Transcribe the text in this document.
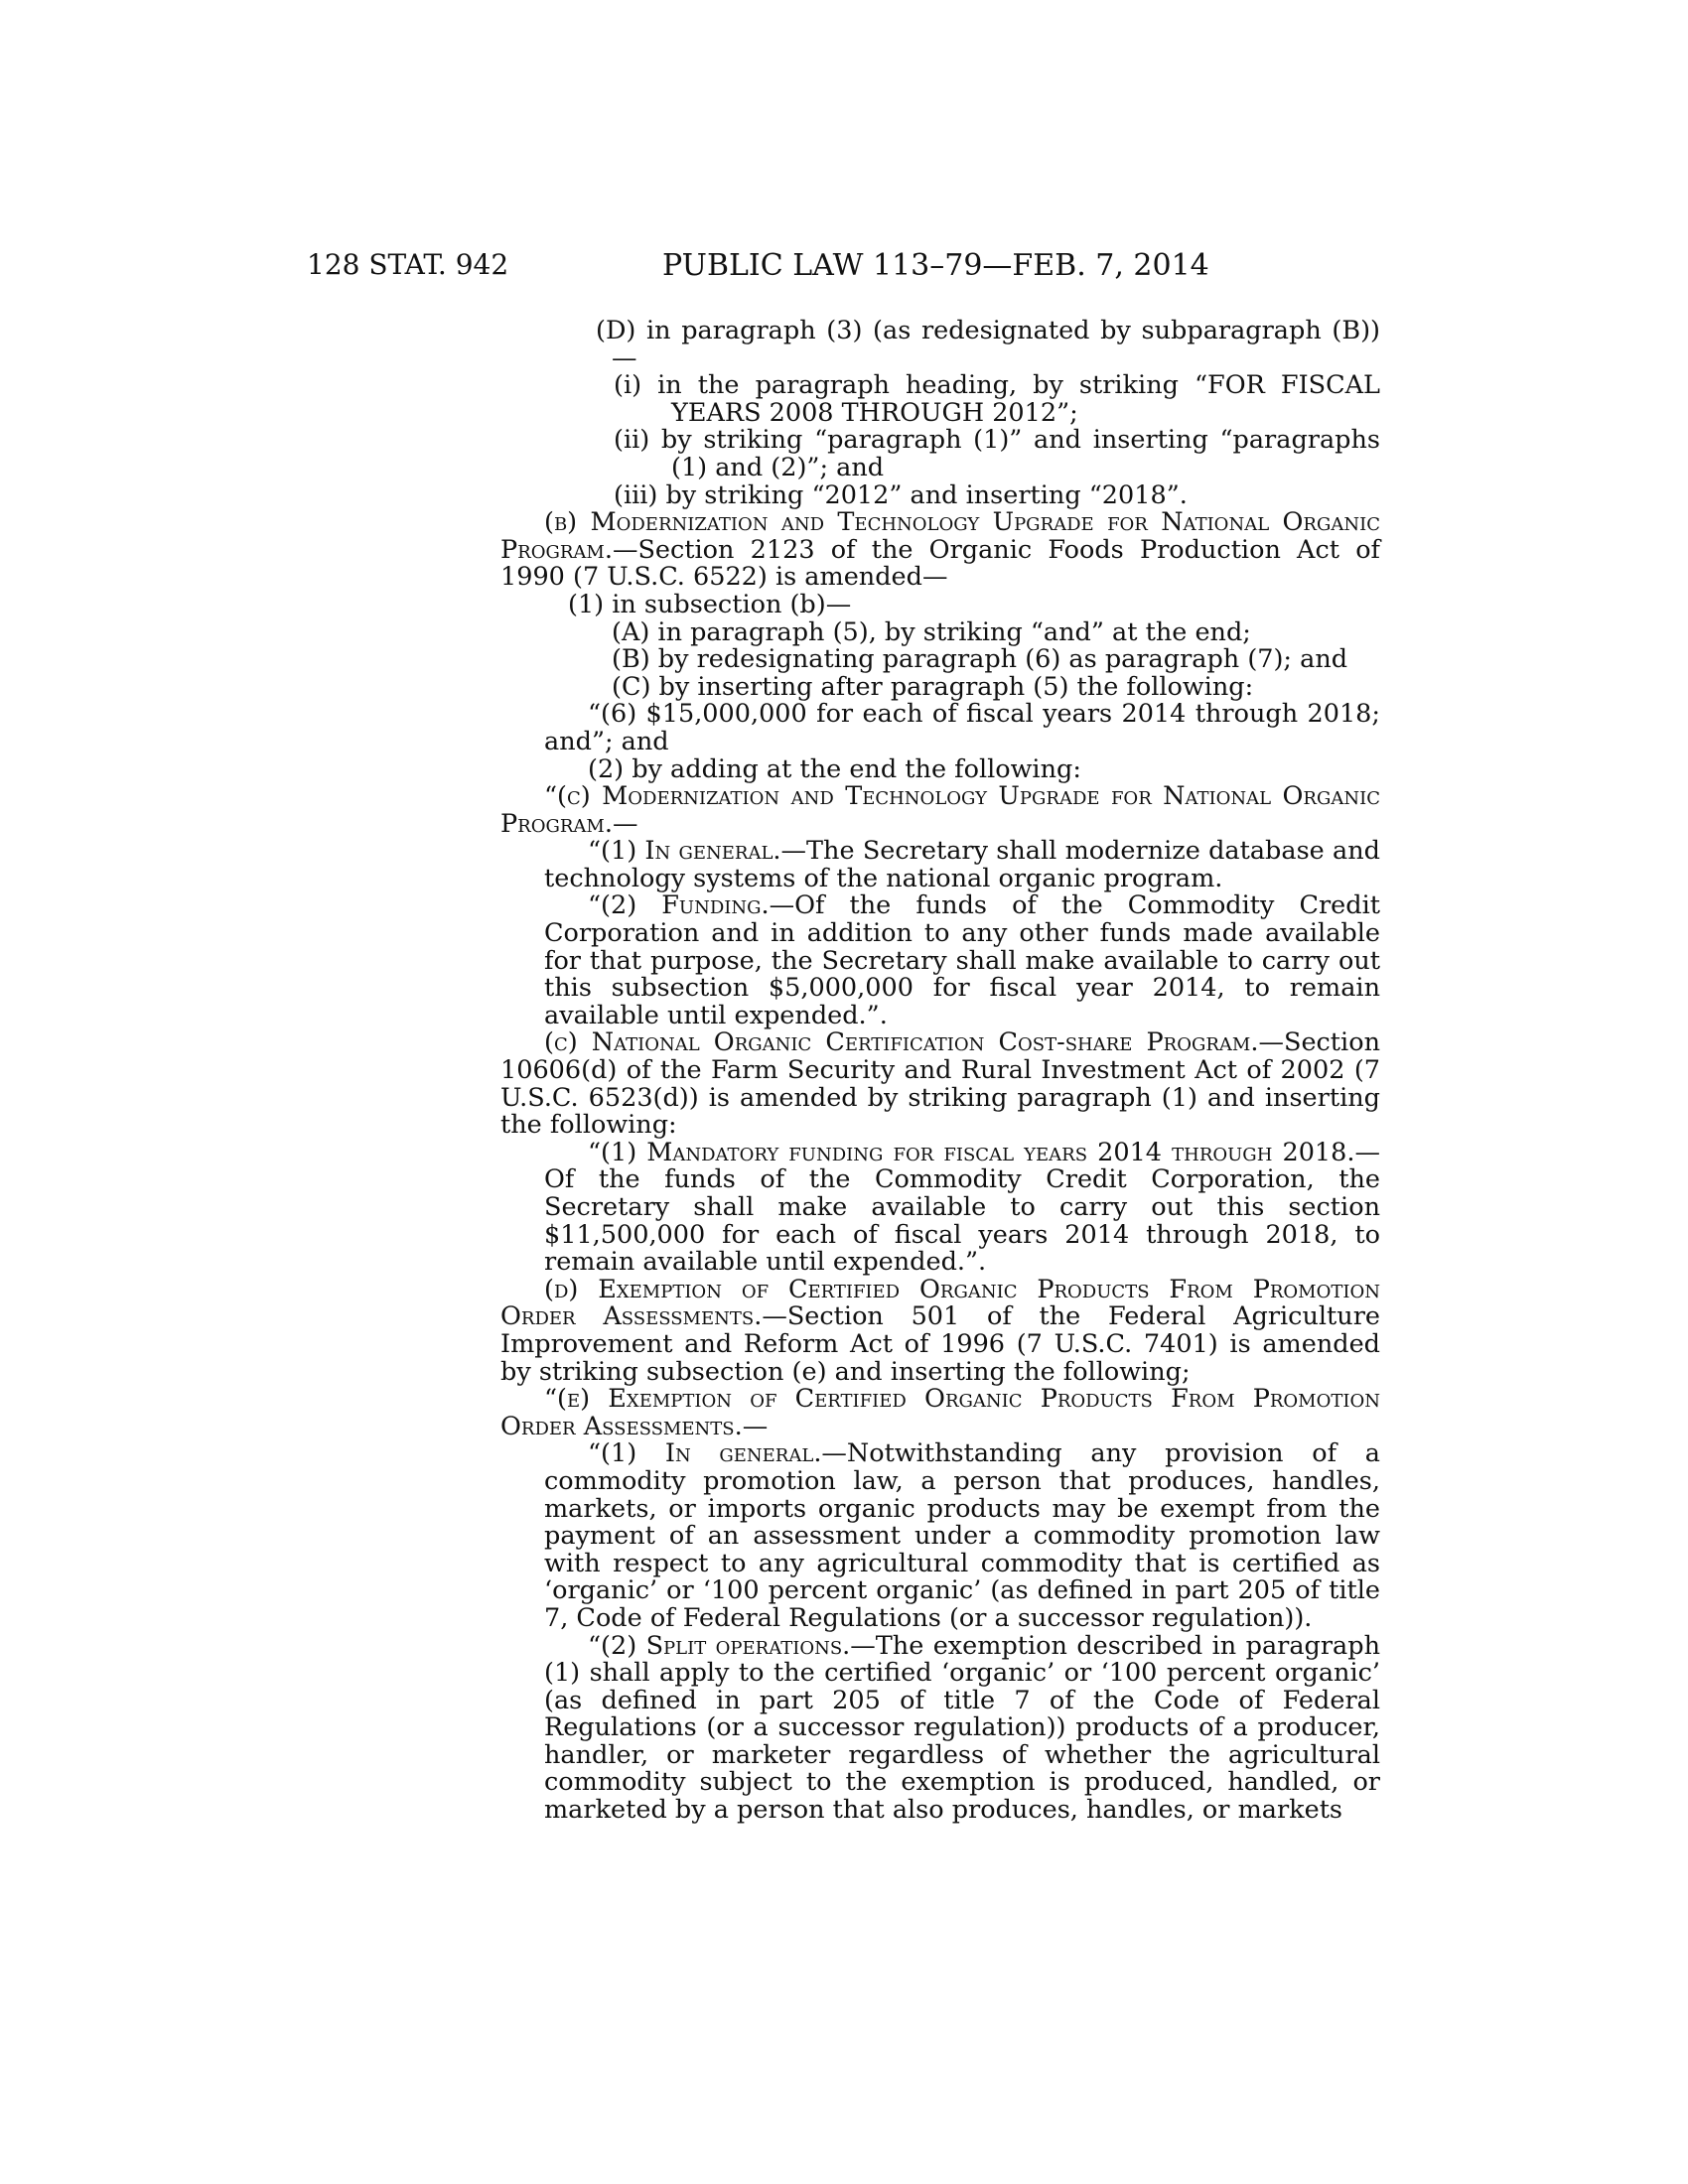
128 STAT. 942	PUBLIC LAW 113–79—FEB. 7, 2014

(D) in paragraph (3) (as redesignated by subparagraph (B))—

(i) in the paragraph heading, by striking “FOR FISCAL YEARS 2008 THROUGH 2012”;

(ii) by striking “paragraph (1)” and inserting “paragraphs (1) and (2)”; and

(iii) by striking “2012” and inserting “2018”.

(b) Modernization and Technology Upgrade for National Organic Program.—Section 2123 of the Organic Foods Production Act of 1990 (7 U.S.C. 6522) is amended—

(1) in subsection (b)—

(A) in paragraph (5), by striking “and” at the end;

(B) by redesignating paragraph (6) as paragraph (7); and

(C) by inserting after paragraph (5) the following:

“(6) $15,000,000 for each of fiscal years 2014 through 2018; and”; and

(2) by adding at the end the following:

“(c) Modernization and Technology Upgrade for National Organic Program.—

“(1) In general.—The Secretary shall modernize database and technology systems of the national organic program.

“(2) Funding.—Of the funds of the Commodity Credit Corporation and in addition to any other funds made available for that purpose, the Secretary shall make available to carry out this subsection $5,000,000 for fiscal year 2014, to remain available until expended.”.

(c) National Organic Certification Cost-share Program.—Section 10606(d) of the Farm Security and Rural Investment Act of 2002 (7 U.S.C. 6523(d)) is amended by striking paragraph (1) and inserting the following:

“(1) Mandatory funding for fiscal years 2014 through 2018.—Of the funds of the Commodity Credit Corporation, the Secretary shall make available to carry out this section $11,500,000 for each of fiscal years 2014 through 2018, to remain available until expended.”.

(d) Exemption of Certified Organic Products From Promotion Order Assessments.—Section 501 of the Federal Agriculture Improvement and Reform Act of 1996 (7 U.S.C. 7401) is amended by striking subsection (e) and inserting the following;

“(e) Exemption of Certified Organic Products From Promotion Order Assessments.—

“(1) In general.—Notwithstanding any provision of a commodity promotion law, a person that produces, handles, markets, or imports organic products may be exempt from the payment of an assessment under a commodity promotion law with respect to any agricultural commodity that is certified as ‘organic’ or ‘100 percent organic’ (as defined in part 205 of title 7, Code of Federal Regulations (or a successor regulation)).

“(2) Split operations.—The exemption described in paragraph (1) shall apply to the certified ‘organic’ or ‘100 percent organic’ (as defined in part 205 of title 7 of the Code of Federal Regulations (or a successor regulation)) products of a producer, handler, or marketer regardless of whether the agricultural commodity subject to the exemption is produced, handled, or marketed by a person that also produces, handles, or markets
